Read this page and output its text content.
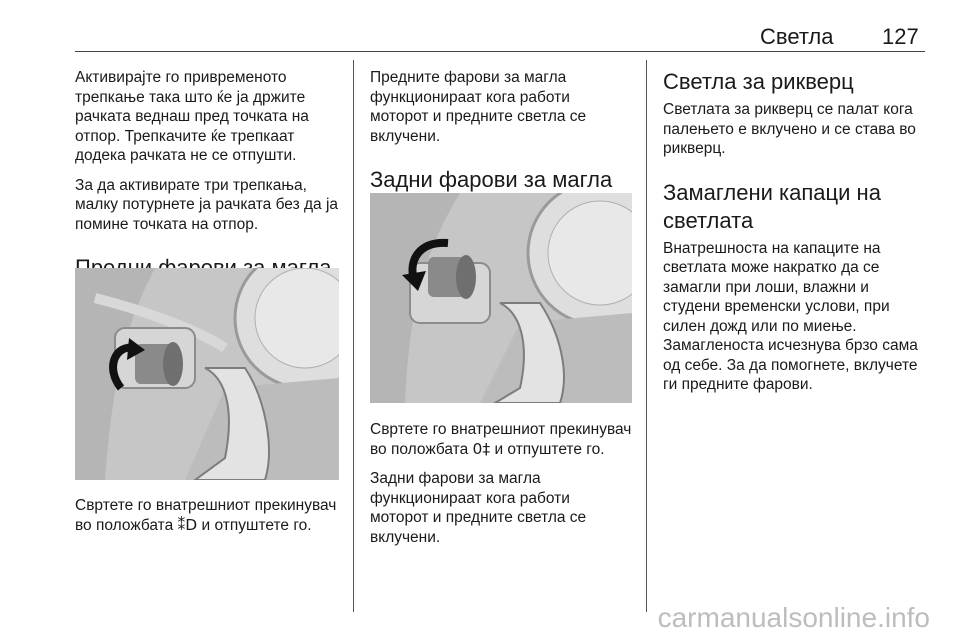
Светла 127

Активирајте го привременото трепкање така што ќе ја држите рачката веднаш пред точката на отпор. Трепкачите ќе трепкаат додека рачката не се отпушти.

За да активирате три трепкања, малку потурнете ја рачката без да ја помине точката на отпор.

Свртете го внатрешниот прекинувач во положбата ⁑D и отпуштете го.

Предните фарови за магла функционираат кога работи моторот и предните светла се вклучени.

Задни фарови за магла

Свртете го внатрешниот прекинувач во положбата 0‡ и отпуштете го.

Задни фарови за магла функционираат кога работи моторот и предните светла се вклучени.

Светла за рикверц

Светлата за рикверц се палат кога палењето е вклучено и се става во рикверц.

Замаглени капаци на светлата

Внатрешноста на капаците на светлата може накратко да се замагли при лоши, влажни и студени временски услови, при силен дожд или по миење. Замагленоста исчезнува брзо сама од себе. За да помогнете, вклучете ги предните фарови.

carmanualsonline.info
